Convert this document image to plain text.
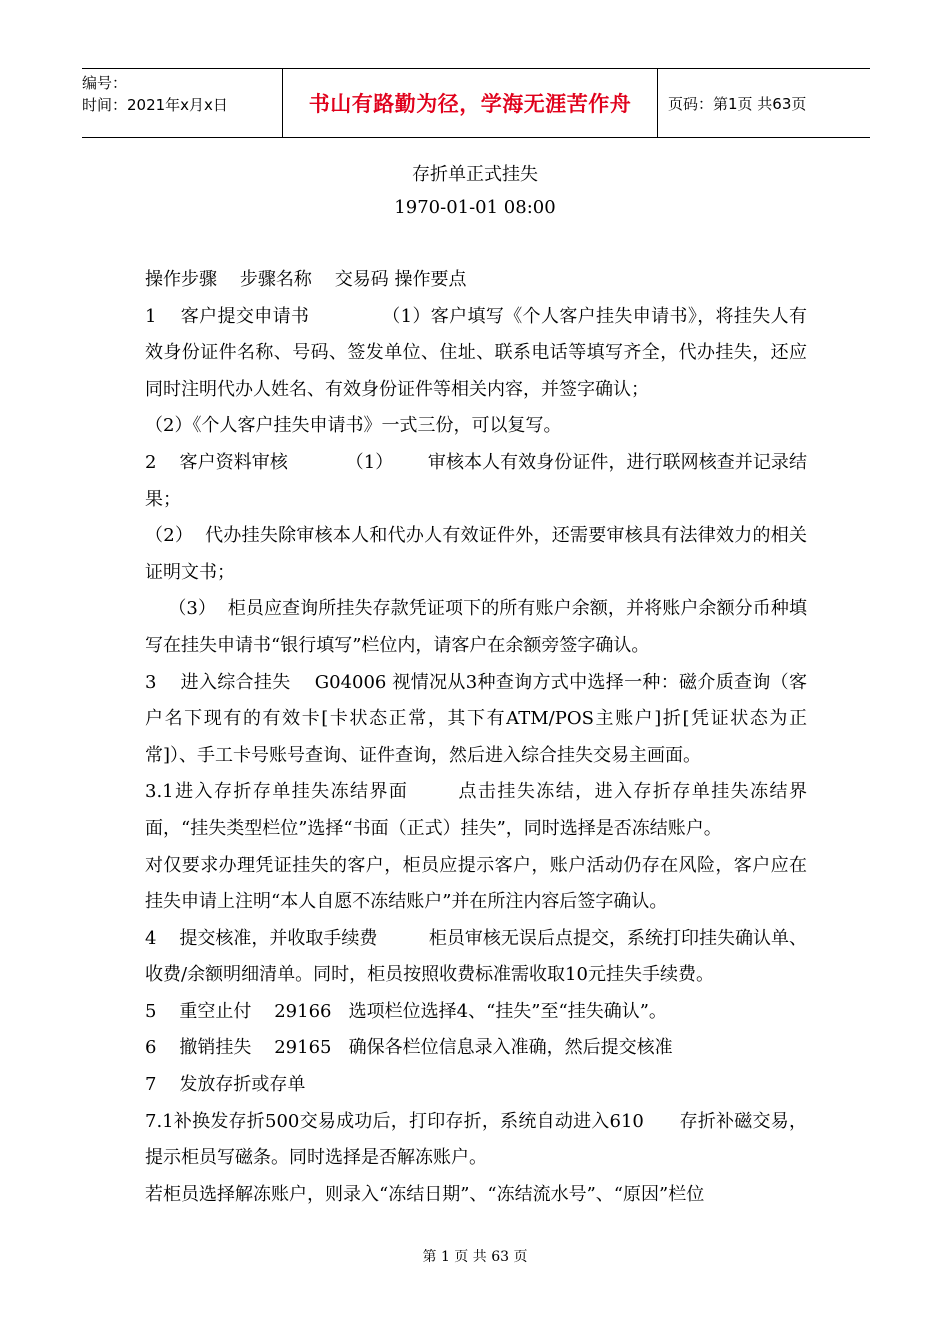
编号：
时间：2021年x月x日	书山有路勤为径，学海无涯苦作舟	页码：第1页 共63页
存折单正式挂失
1970-01-01 08:00

操作步骤    步骤名称    交易码 操作要点

1    客户提交申请书            （1）客户填写《个人客户挂失申请书》，将挂失人有效身份证件名称、号码、签发单位、住址、联系电话等填写齐全，代办挂失，还应同时注明代办人姓名、有效身份证件等相关内容，并签字确认；

（2）《个人客户挂失申请书》一式三份，可以复写。

2    客户资料审核          （1）      审核本人有效身份证件，进行联网核查并记录结果；

（2）  代办挂失除审核本人和代办人有效证件外，还需要审核具有法律效力的相关证明文书；

（3）  柜员应查询所挂失存款凭证项下的所有账户余额，并将账户余额分币种填写在挂失申请书“银行填写”栏位内，请客户在余额旁签字确认。

3    进入综合挂失    G04006 视情况从3种查询方式中选择一种：磁介质查询（客户名下现有的有效卡[卡状态正常，其下有ATM/POS主账户]折[凭证状态为正常]）、手工卡号账号查询、证件查询，然后进入综合挂失交易主画面。

3.1进入存折存单挂失冻结界面       点击挂失冻结，进入存折存单挂失冻结界面，“挂失类型栏位”选择“书面（正式）挂失”，同时选择是否冻结账户。

对仅要求办理凭证挂失的客户，柜员应提示客户，账户活动仍存在风险，客户应在挂失申请上注明“本人自愿不冻结账户”并在所注内容后签字确认。

4    提交核准，并收取手续费         柜员审核无误后点提交，系统打印挂失确认单、收费/余额明细清单。同时，柜员按照收费标准需收取10元挂失手续费。

5    重空止付    29166   选项栏位选择4、“挂失”至“挂失确认”。

6    撤销挂失    29165   确保各栏位信息录入准确，然后提交核准

7    发放存折或存单

7.1补换发存折500交易成功后，打印存折，系统自动进入610      存折补磁交易，提示柜员写磁条。同时选择是否解冻账户。

若柜员选择解冻账户，则录入“冻结日期”、“冻结流水号”、“原因”栏位

第 1 页 共 63 页
